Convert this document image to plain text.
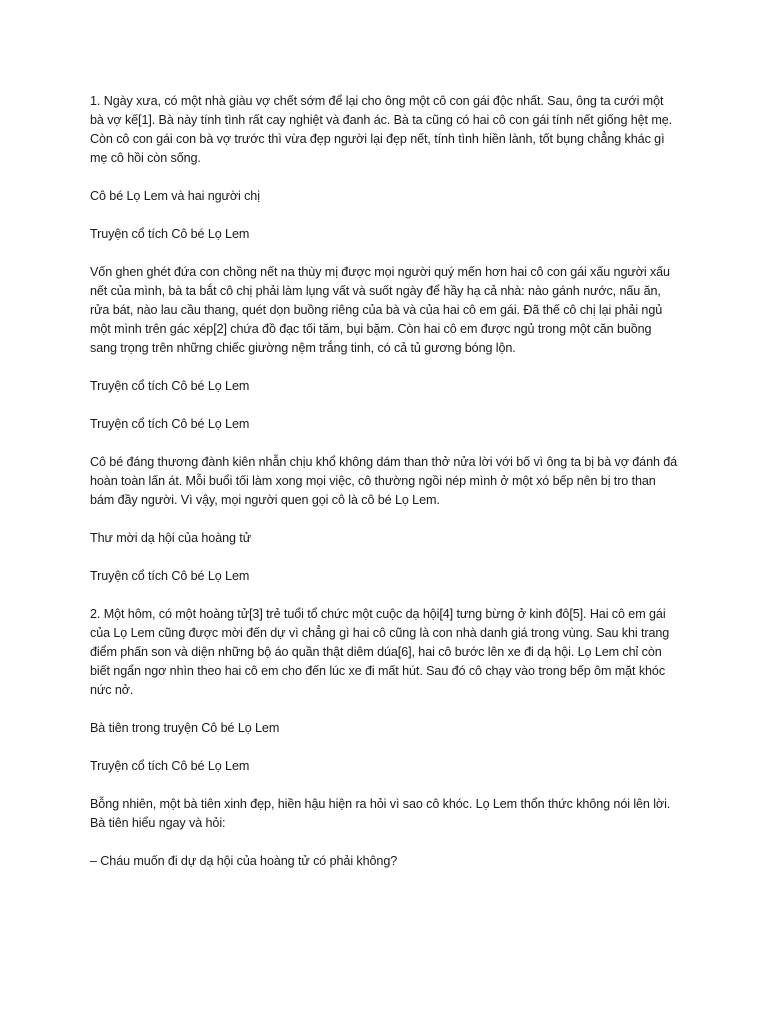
1. Ngày xưa, có một nhà giàu vợ chết sớm để lại cho ông một cô con gái độc nhất. Sau, ông ta cưới một bà vợ kế[1]. Bà này tính tình rất cay nghiệt và đanh ác. Bà ta cũng có hai cô con gái tính nết giống hệt mẹ. Còn cô con gái con bà vợ trước thì vừa đẹp người lại đẹp nết, tính tình hiền lành, tốt bụng chẳng khác gì mẹ cô hồi còn sống.

Cô bé Lọ Lem và hai người chị

Truyện cổ tích Cô bé Lọ Lem

Vốn ghen ghét đứa con chồng nết na thùy mị được mọi người quý mến hơn hai cô con gái xấu người xấu nết của mình, bà ta bắt cô chị phải làm lụng vất và suốt ngày để hầy hạ cả nhà: nào gánh nước, nấu ăn, rửa bát, nào lau cầu thang, quét dọn buồng riêng của bà và của hai cô em gái. Đã thế cô chị lại phải ngủ một mình trên gác xép[2] chứa đồ đạc tối tăm, bụi bặm. Còn hai cô em được ngủ trong một căn buồng sang trọng trên những chiếc giường nệm trắng tinh, có cả tủ gương bóng lộn.

Truyện cổ tích Cô bé Lọ Lem

Truyện cổ tích Cô bé Lọ Lem

Cô bé đáng thương đành kiên nhẫn chịu khổ không dám than thở nửa lời với bố vì ông ta bị bà vợ đánh đá hoàn toàn lấn át. Mỗi buổi tối làm xong mọi việc, cô thường ngồi nép mình ở một xó bếp nên bị tro than bám đầy người. Vì vậy, mọi người quen gọi cô là cô bé Lọ Lem.

Thư mời dạ hội của hoàng tử

Truyện cổ tích Cô bé Lọ Lem

2. Một hôm, có một hoàng tử[3] trẻ tuổi tổ chức một cuộc dạ hội[4] tưng bừng ở kinh đô[5]. Hai cô em gái của Lọ Lem cũng được mời đến dự vì chẳng gì hai cô cũng là con nhà danh giá trong vùng. Sau khi trang điểm phấn son và diện những bộ áo quần thật diêm dúa[6], hai cô bước lên xe đi dạ hội. Lọ Lem chỉ còn biết ngẩn ngơ nhìn theo hai cô em cho đến lúc xe đi mất hút. Sau đó cô chạy vào trong bếp ôm mặt khóc nức nở.

Bà tiên trong truyện Cô bé Lọ Lem

Truyện cổ tích Cô bé Lọ Lem

Bỗng nhiên, một bà tiên xinh đẹp, hiền hậu hiện ra hỏi vì sao cô khóc. Lọ Lem thổn thức không nói lên lời. Bà tiên hiểu ngay và hỏi:

– Cháu muốn đi dự dạ hội của hoàng tử có phải không?
